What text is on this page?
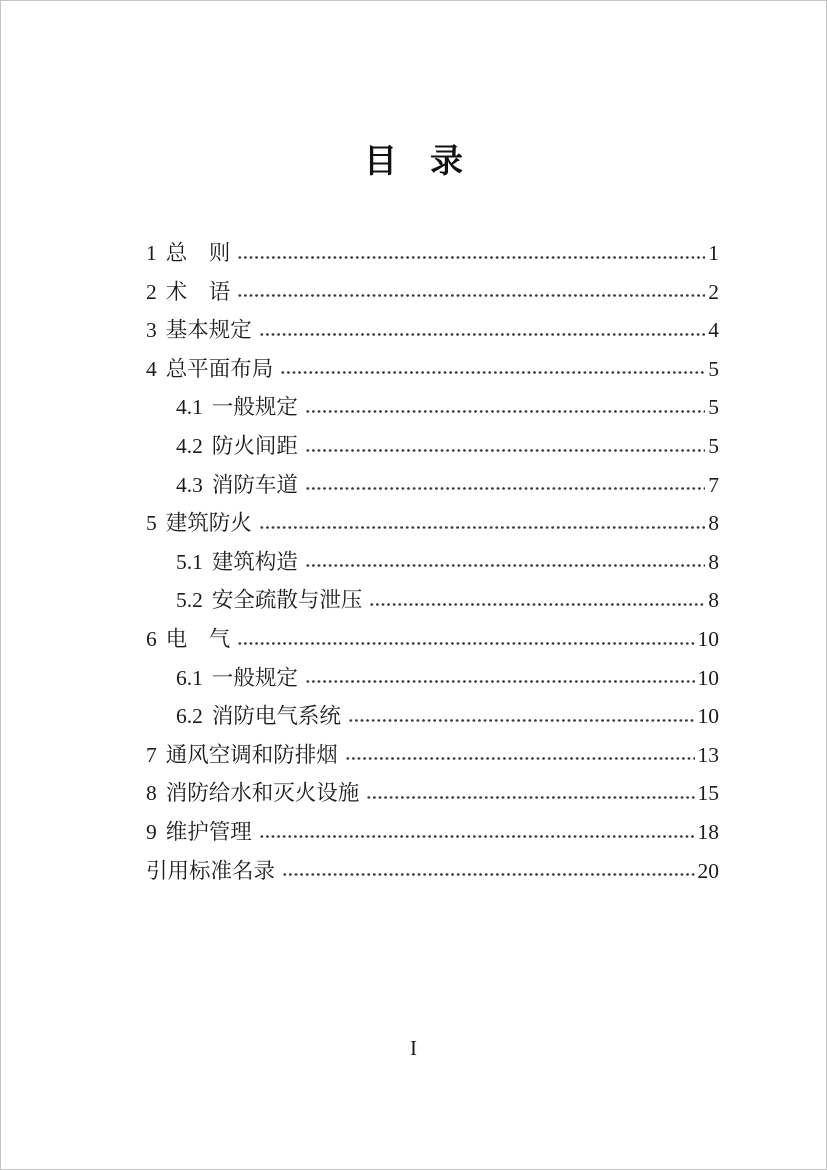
目　录
1 总　则	1
2 术　语	2
3 基本规定	4
4 总平面布局	5
4.1 一般规定	5
4.2 防火间距	5
4.3 消防车道	7
5 建筑防火	8
5.1 建筑构造	8
5.2 安全疏散与泄压	8
6 电　气	10
6.1 一般规定	10
6.2 消防电气系统	10
7 通风空调和防排烟	13
8 消防给水和灭火设施	15
9 维护管理	18
引用标准名录	20
I
